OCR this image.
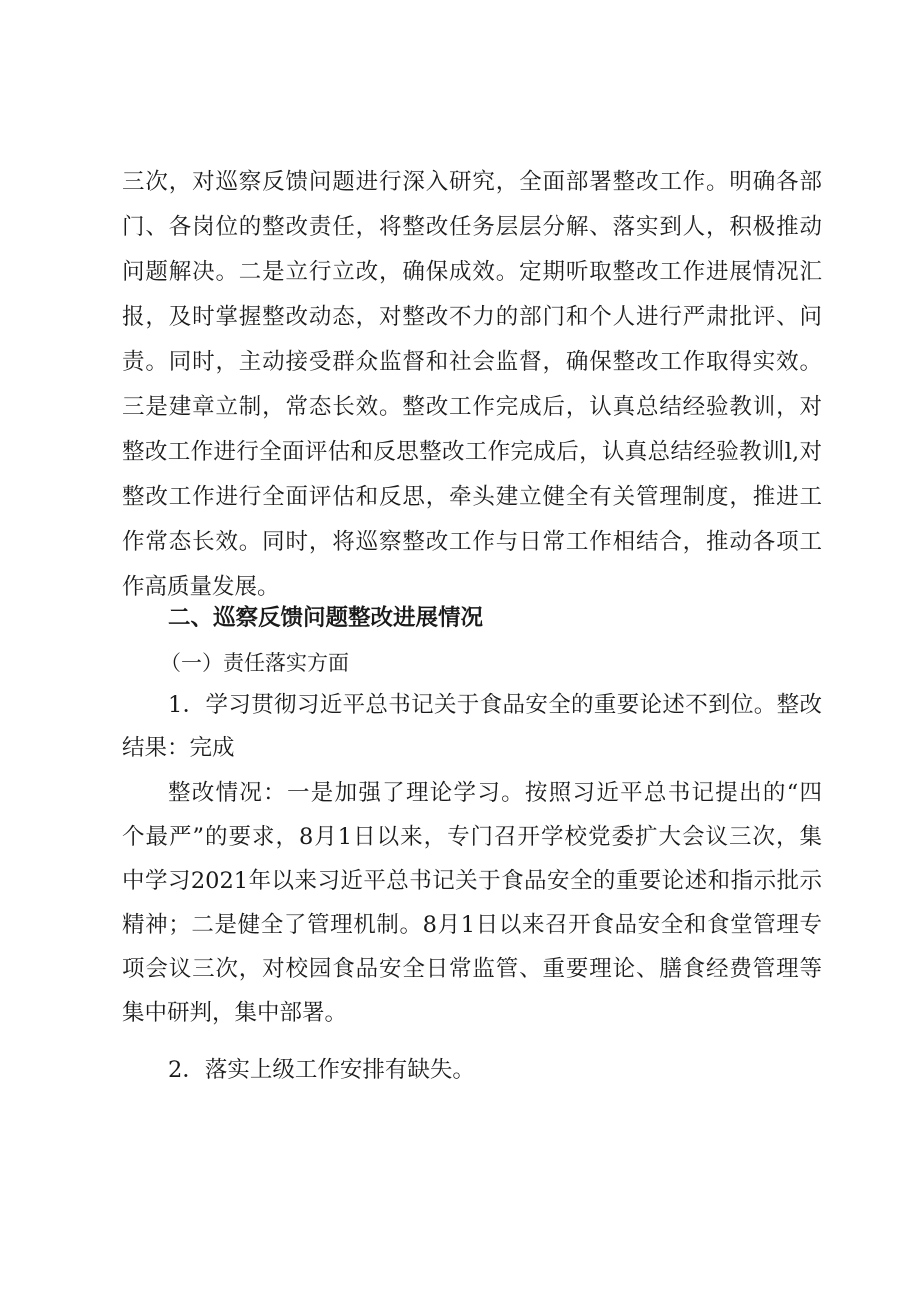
三次，对巡察反馈问题进行深入研究，全面部署整改工作。明确各部
门、各岗位的整改责任，将整改任务层层分解、落实到人，积极推动
问题解决。二是立行立改，确保成效。定期听取整改工作进展情况汇
报，及时掌握整改动态，对整改不力的部门和个人进行严肃批评、问
责。同时，主动接受群众监督和社会监督，确保整改工作取得实效。
三是建章立制，常态长效。整改工作完成后，认真总结经验教训，对
整改工作进行全面评估和反思整改工作完成后，认真总结经验教训l,对
整改工作进行全面评估和反思，牵头建立健全有关管理制度，推进工
作常态长效。同时，将巡察整改工作与日常工作相结合，推动各项工
作高质量发展。
二、巡察反馈问题整改进展情况
（一）责任落实方面
1．学习贯彻习近平总书记关于食品安全的重要论述不到位。整改
结果：完成
整改情况：一是加强了理论学习。按照习近平总书记提出的“四
个最严”的要求，8月1日以来，专门召开学校党委扩大会议三次，集
中学习2021年以来习近平总书记关于食品安全的重要论述和指示批示
精神；二是健全了管理机制。8月1日以来召开食品安全和食堂管理专
项会议三次，对校园食品安全日常监管、重要理论、膳食经费管理等
集中研判，集中部署。
2．落实上级工作安排有缺失。
